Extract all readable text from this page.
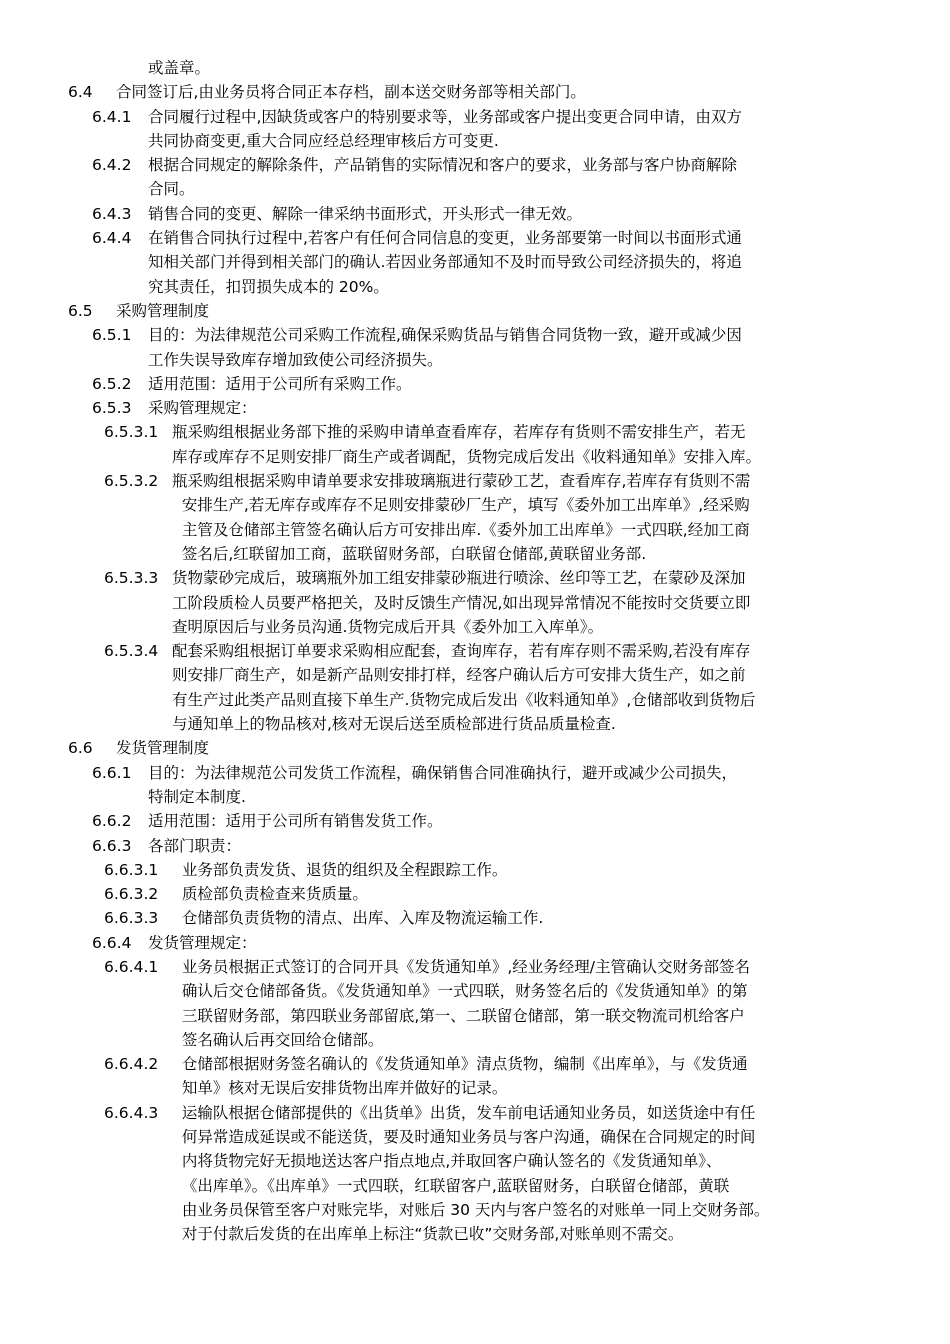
或盖章。
6.4 合同签订后,由业务员将合同正本存档，副本送交财务部等相关部门。
6.4.1 合同履行过程中,因缺货或客户的特别要求等，业务部或客户提出变更合同申请，由双方
共同协商变更,重大合同应经总经理审核后方可变更.
6.4.2 根据合同规定的解除条件，产品销售的实际情况和客户的要求，业务部与客户协商解除
合同。
6.4.3 销售合同的变更、解除一律采纳书面形式，开头形式一律无效。
6.4.4 在销售合同执行过程中,若客户有任何合同信息的变更，业务部要第一时间以书面形式通
知相关部门并得到相关部门的确认.若因业务部通知不及时而导致公司经济损失的，将追
究其责任，扣罚损失成本的 20%。
6.5 采购管理制度
6.5.1 目的：为法律规范公司采购工作流程,确保采购货品与销售合同货物一致，避开或减少因
工作失误导致库存增加致使公司经济损失。
6.5.2 适用范围：适用于公司所有采购工作。
6.5.3 采购管理规定：
6.5.3.1 瓶采购组根据业务部下推的采购申请单查看库存，若库存有货则不需安排生产，若无
库存或库存不足则安排厂商生产或者调配，货物完成后发出《收料通知单》安排入库。
6.5.3.2 瓶采购组根据采购申请单要求安排玻璃瓶进行蒙砂工艺，查看库存,若库存有货则不需
安排生产,若无库存或库存不足则安排蒙砂厂生产，填写《委外加工出库单》,经采购
主管及仓储部主管签名确认后方可安排出库.《委外加工出库单》一式四联,经加工商
签名后,红联留加工商，蓝联留财务部，白联留仓储部,黄联留业务部.
6.5.3.3 货物蒙砂完成后，玻璃瓶外加工组安排蒙砂瓶进行喷涂、丝印等工艺，在蒙砂及深加
工阶段质检人员要严格把关，及时反馈生产情况,如出现异常情况不能按时交货要立即
查明原因后与业务员沟通.货物完成后开具《委外加工入库单》。
6.5.3.4 配套采购组根据订单要求采购相应配套，查询库存，若有库存则不需采购,若没有库存
则安排厂商生产，如是新产品则安排打样，经客户确认后方可安排大货生产，如之前
有生产过此类产品则直接下单生产.货物完成后发出《收料通知单》,仓储部收到货物后
与通知单上的物品核对,核对无误后送至质检部进行货品质量检查.
6.6 发货管理制度
6.6.1 目的：为法律规范公司发货工作流程，确保销售合同准确执行，避开或减少公司损失，
特制定本制度.
6.6.2 适用范围：适用于公司所有销售发货工作。
6.6.3 各部门职责：
6.6.3.1 业务部负责发货、退货的组织及全程跟踪工作。
6.6.3.2 质检部负责检查来货质量。
6.6.3.3 仓储部负责货物的清点、出库、入库及物流运输工作.
6.6.4 发货管理规定：
6.6.4.1 业务员根据正式签订的合同开具《发货通知单》,经业务经理/主管确认交财务部签名
确认后交仓储部备货。《发货通知单》一式四联，财务签名后的《发货通知单》的第
三联留财务部，第四联业务部留底,第一、二联留仓储部，第一联交物流司机给客户
签名确认后再交回给仓储部。
6.6.4.2 仓储部根据财务签名确认的《发货通知单》清点货物，编制《出库单》，与《发货通
知单》核对无误后安排货物出库并做好的记录。
6.6.4.3 运输队根据仓储部提供的《出货单》出货，发车前电话通知业务员，如送货途中有任
何异常造成延误或不能送货，要及时通知业务员与客户沟通，确保在合同规定的时间
内将货物完好无损地送达客户指点地点,并取回客户确认签名的《发货通知单》、
《出库单》。《出库单》一式四联，红联留客户,蓝联留财务，白联留仓储部，黄联
由业务员保管至客户对账完毕，对账后 30 天内与客户签名的对账单一同上交财务部。
对于付款后发货的在出库单上标注“货款已收”交财务部,对账单则不需交。
